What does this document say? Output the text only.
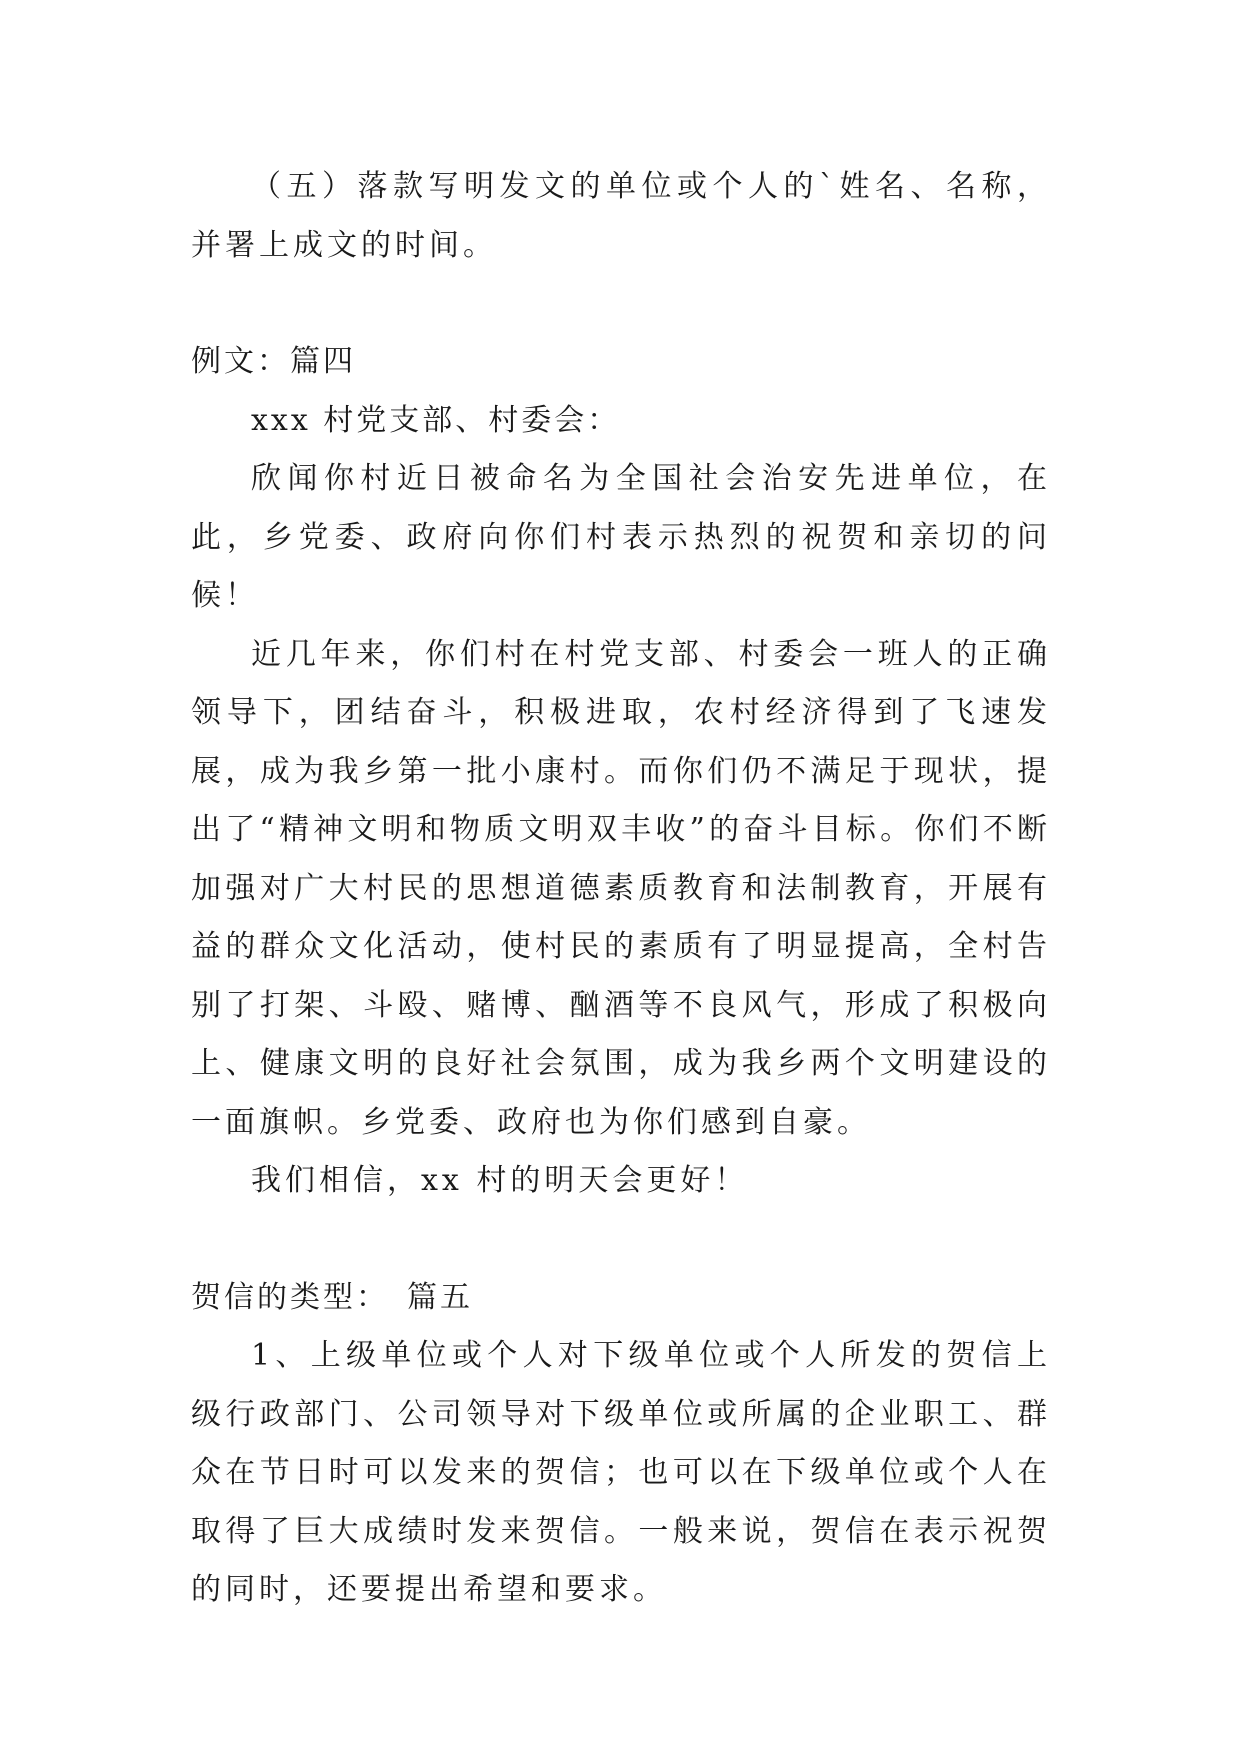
（五）落款写明发文的单位或个人的`姓名、名称，并署上成文的时间。

例文：篇四

xxx 村党支部、村委会：

欣闻你村近日被命名为全国社会治安先进单位，在此，乡党委、政府向你们村表示热烈的祝贺和亲切的问候！

近几年来，你们村在村党支部、村委会一班人的正确领导下，团结奋斗，积极进取，农村经济得到了飞速发展，成为我乡第一批小康村。而你们仍不满足于现状，提出了“精神文明和物质文明双丰收”的奋斗目标。你们不断加强对广大村民的思想道德素质教育和法制教育，开展有益的群众文化活动，使村民的素质有了明显提高，全村告别了打架、斗殴、赌博、酗酒等不良风气，形成了积极向上、健康文明的良好社会氛围，成为我乡两个文明建设的一面旗帜。乡党委、政府也为你们感到自豪。

我们相信，xx 村的明天会更好！

贺信的类型：　篇五

1、上级单位或个人对下级单位或个人所发的贺信上级行政部门、公司领导对下级单位或所属的企业职工、群众在节日时可以发来的贺信；也可以在下级单位或个人在取得了巨大成绩时发来贺信。一般来说，贺信在表示祝贺的同时，还要提出希望和要求。
